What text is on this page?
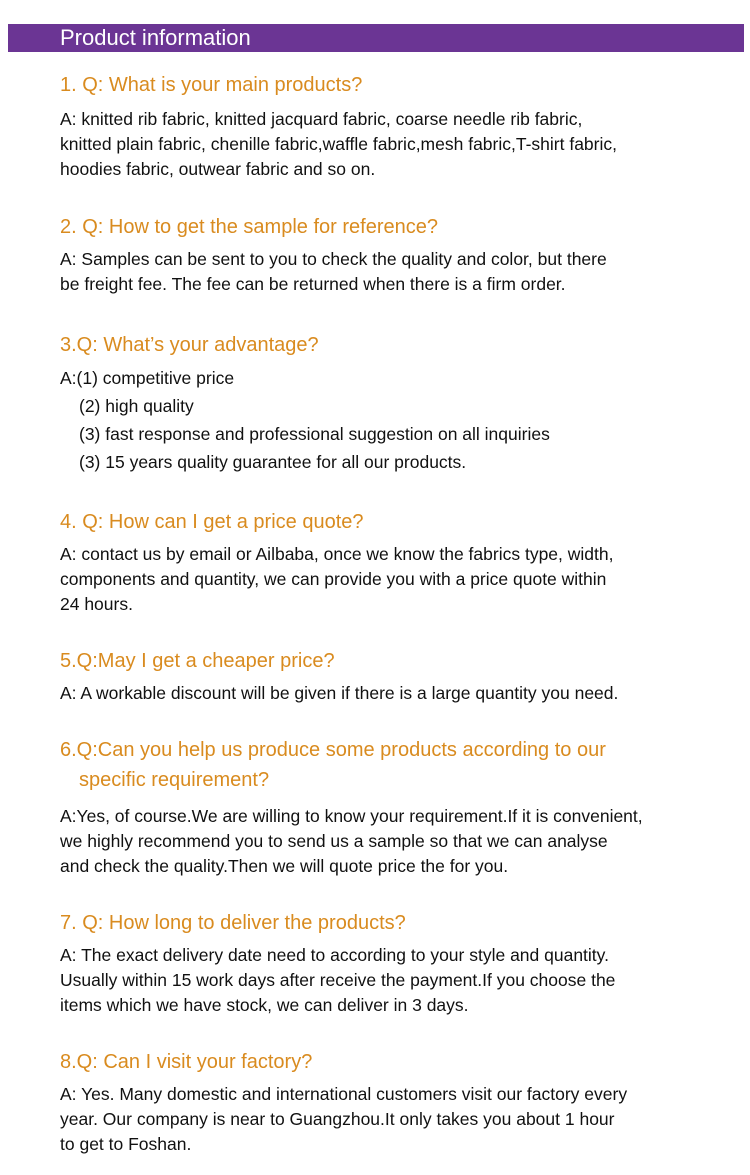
Product information
1. Q: What is your main products?
A: knitted rib fabric, knitted jacquard fabric, coarse needle rib fabric,
knitted plain fabric, chenille fabric,waffle fabric,mesh fabric,T-shirt fabric,
hoodies fabric, outwear fabric and so on.
2. Q: How to get the sample for reference?
A: Samples can be sent to you to check the quality and color, but there
be freight fee. The fee can be returned when there is a firm order.
3.Q: What’s your advantage?
A:(1) competitive price
(2) high quality
(3) fast response and professional suggestion on all inquiries
(3) 15 years quality guarantee for all our products.
4. Q: How can I get a price quote?
A: contact us by email or Ailbaba, once we know the fabrics type, width,
components and quantity, we can provide you with a price quote within
24 hours.
5.Q:May I get a cheaper price?
A: A workable discount will be given if there is a large quantity you need.
6.Q:Can you help us produce some products according to our
specific requirement?
A:Yes, of course.We are willing to know your requirement.If it is convenient,
we highly recommend you to send us a sample so that we can analyse
and check the quality.Then we will quote price the for you.
7. Q: How long to deliver the products?
A: The exact delivery date need to according to your style and quantity.
Usually within 15 work days after receive the payment.If you choose the
items which we have stock, we can deliver in 3 days.
8.Q: Can I visit your factory?
A: Yes. Many domestic and international customers visit our factory every
year. Our company is near to Guangzhou.It only takes you about 1 hour
to get to Foshan.
